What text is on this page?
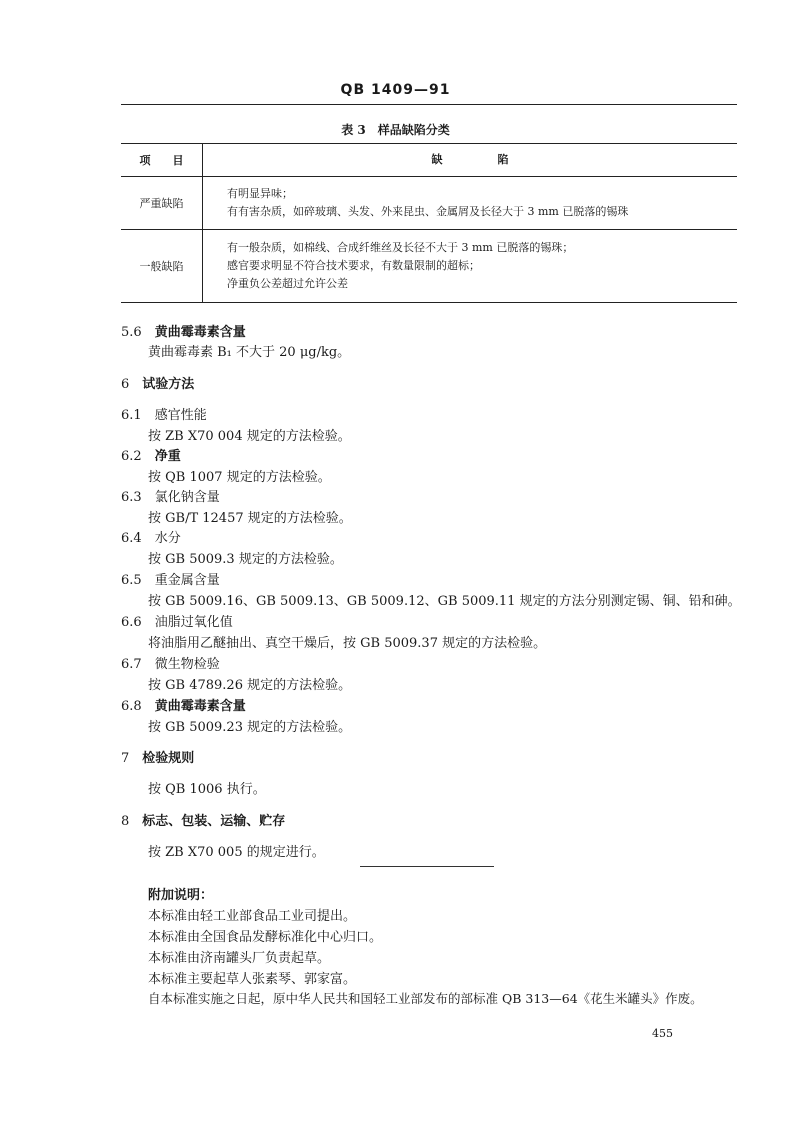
QB 1409—91
表 3　样品缺陷分类
项　　目	缺　　　　　陷
严重缺陷
有明显异味；
有有害杂质，如碎玻璃、头发、外来昆虫、金属屑及长径大于 3 mm 已脱落的锡珠
一般缺陷
有一般杂质，如棉线、合成纤维丝及长径不大于 3 mm 已脱落的锡珠；
感官要求明显不符合技术要求，有数量限制的超标；
净重负公差超过允许公差
5.6　 黄曲霉毒素含量
黄曲霉毒素 B₁ 不大于 20 μg/kg。
6　 试验方法
6.1　 感官性能
按 ZB X70 004 规定的方法检验。
6.2　 净重
按 QB 1007 规定的方法检验。
6.3　 氯化钠含量
按 GB/T 12457 规定的方法检验。
6.4　 水分
按 GB 5009.3 规定的方法检验。
6.5　 重金属含量
按 GB 5009.16、GB 5009.13、GB 5009.12、GB 5009.11 规定的方法分别测定锡、铜、铅和砷。
6.6　 油脂过氧化值
将油脂用乙醚抽出、真空干燥后，按 GB 5009.37 规定的方法检验。
6.7　 微生物检验
按 GB 4789.26 规定的方法检验。
6.8　 黄曲霉毒素含量
按 GB 5009.23 规定的方法检验。
7　 检验规则
按 QB 1006 执行。
8　 标志、包装、运输、贮存
按 ZB X70 005 的规定进行。
附加说明：
本标准由轻工业部食品工业司提出。
本标准由全国食品发酵标准化中心归口。
本标准由济南罐头厂负责起草。
本标准主要起草人张素琴、郭家富。
自本标准实施之日起，原中华人民共和国轻工业部发布的部标准 QB 313—64《花生米罐头》作废。
455
